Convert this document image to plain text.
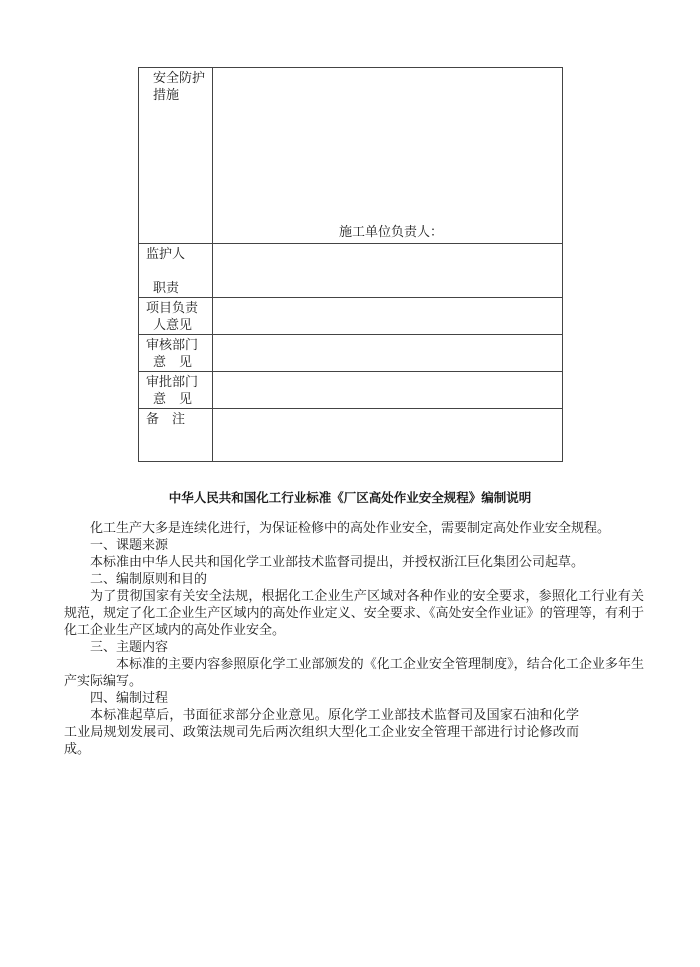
安全防护
措施	施工单位负责人：

监护人
职责	

项目负责
人意见	

审核部门
意　见	

审批部门
意　见	

备　注	

中华人民共和国化工行业标准《厂区高处作业安全规程》编制说明

化工生产大多是连续化进行，为保证检修中的高处作业安全，需要制定高处作业安全规程。

一、课题来源

本标准由中华人民共和国化学工业部技术监督司提出，并授权浙江巨化集团公司起草。

二、编制原则和目的

为了贯彻国家有关安全法规，根据化工企业生产区域对各种作业的安全要求，参照化工行业有关规范，规定了化工企业生产区域内的高处作业定义、安全要求、《高处安全作业证》的管理等，有利于化工企业生产区域内的高处作业安全。

三、主题内容

本标准的主要内容参照原化学工业部颁发的《化工企业安全管理制度》，结合化工企业多年生产实际编写。

四、编制过程

本标准起草后，书面征求部分企业意见。原化学工业部技术监督司及国家石油和化学工业局规划发展司、政策法规司先后两次组织大型化工企业安全管理干部进行讨论修改而成。
